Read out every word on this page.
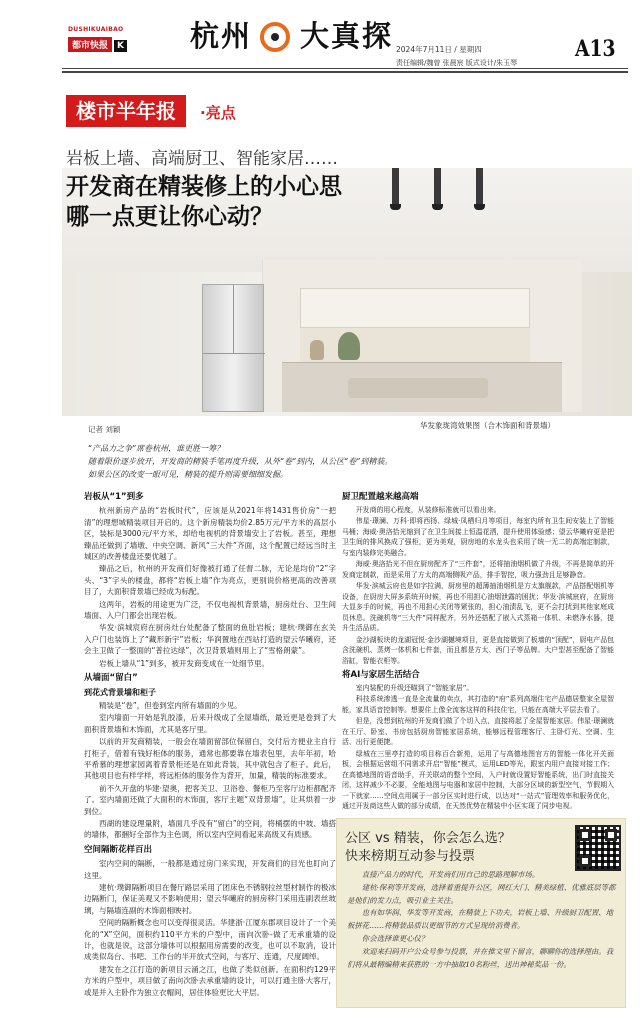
DUSHIKUAIBAO
都市快报 K	杭州 大真探 2024年7月11日 / 星期四
责任编辑/魏曾 张晨宸 版式设计/朱玉琴
A13
楼市半年报	·亮点
岩板上墙、高端厨卫、智能家居……
开发商在精装修上的小心思
哪一点更让你心动？
华发象珑湾效果图（合木饰面和背景墙）
记者 刘颖
“产品力之争”席卷杭州，谁更胜一筹？
随着限价逐步放开，开发商的精装手笔再度升级，从外“卷”到内，从公区“卷”到精装。
如果公区的改变一眼可见，精装的提升则需要细细发掘。
岩板从“1”到多

杭州新房产品的“岩板时代”，应该是从2021年将1431售价房“一把清”的理想城精装项目开启的。这个新房精装均价2.85万元/平方米的高层小区，装标是3000元/平方米，却给电视机的背景墙安上了岩板。甚至，理想臻品还做到了墙墩、中央空调、新风“三大件”齐面，这个配置已经远当时主城区的改善楼盘还要优越了。

臻品之后，杭州的开发商们好像被打通了任督二脉，无论是均价“2”字头、“3”字头的楼盘，都将“岩板上墙”作为亮点，更别说价格更高的改善项目了，大面积背景墙已经成为标配。

这两年，岩板的用途更为广泛，不仅电视机背景墙，厨房灶台、卫生间墙面、入户门都会出现岩板。

华发·滨城宸府在厨房灶台处配备了整面的鱼肚岩板；建杭·璞御在玄关入户门也装饰上了“藏形新宇”岩板；华润置地在西站打造的望云华曦府，还会主卫做了一整面的“普拉达绿”，次卫背景墙则用上了“雪格朗蒙”。

岩板上墙从“1”到多，被开发商变成在一处细节里。

从墙面“留白”
到花式背景墙和柜子

精装是“卷”，但卷到室内所有墙面的少见。

室内墙面一开始是乳胶漆，后来升级成了全屋墙纸，最近更是卷到了大面积背景墙和木饰面，尤其是客厅里。

以前的开发商精装，一般会在墙面留部位保留白，交付后方便业主自行打柜子，借着有钱好柜体的服务，通常也都要靠在墙表包里，去年年初，哈平希慕的理想家园离着背景柜还是在如此背装，其中就包含了柜子。此后，其他项目也有样学样，将远柜体的服务作为背开，加量，精装的标准要求。

前不久开盘的华建·望奥，把客关卫、卫浴卷、餐柜乃至客厅边柜都配齐了。室内墙面还做了大面积的木饰面，客厅主题“双背景墙”，让其烘着一步到位。

西湖的建设理量附，墙面几乎没有“留白”的空间，将桶摆的中坡、墙搭的墙体，都捆好全部作为主色调，所以室内空间看起来高级又有质感。

空间隔断花样百出

室内空间的隔断，一般都是通过房门来实现，开发商们的目光也盯向了这里。

建杭·璞御隔断项目在餐厅路层采用了团床色不锈钢拉丝型材制作的极冰边隔断门，保证美观又不影响使用；望云华曦府的厨房移门采用连副表丝玻璃，与隔墙连副的木饰面相映衬。

空间的隔断概念也可以变得很灵活。华建浙·江厦东郡项目设计了一个美化的“X”空间，面积约110平方米的户型中，南向次卧-做了无承重墙的设计，也就是说，这部分墙体可以根据用房需要的改变，也可以不取消，设计成类似岛台、书吧、工作台的半开放式空间，与客厅、连通，尺度阔绰。

建发在之江打造的新项目云涌之江，也做了类似创新。在面积约129平方米的户型中，项目做了南向次卧去承重墙的设计，可以打通主卧大客厅，或是并入主卧作为独立衣帽间，居住体验更比大平层。

厨卫配置越来越高端

开发商的用心程度，从装修标准就可以看出来。

伟星·璟澜、万科·即将西扬、绿城·凤栖归月等项目，每室内所有卫生间安装上了智能马桶；海威·奥洛拾光缩到了在卫生间接上恒温花洒，提升使用体验感；望云华曦府更是把卫生间的排风换成了强柜，更为美观，厨房地的水龙头也采用了统一无二的高端定制款，与室内装修完美融合。

海威·奥洛拾光不但在厨房配齐了“三件套”，还将抽油烟机做了升级，不再是简单的开发商定制款，而是采用了方太的高端侧吸产品，排手智控，吸力强劲且足够静音。

华发·滨城云府也是如字拉满，厨房里的超薄抽油烟机是方太旗舰款，产品搭配烟机等设备，在厨房大屏多系统开时候，再也不用担心油烟泄露的困扰；华发·滨城宸府，在厨房大显多手的时候，再也不用担心关闭等紧张的，担心油渍乱飞，更不会打扰到其他家庭成员休息。洗碗机等“三大件”同样配齐，另外还搭配了嵌入式蒸箱一体机、未燃净水器，提升生活品质。

金沙湖板块的龙湖冠悦·金沙湖樾境项目，更是直接做到了板墙的“顶配”，厨电产品包含洗碗机、蒸烤一体机和七件套，而且都是方太、西门子等品牌。大户型甚至配备了智能浴缸，智能衣柜等。

将AI与家居生活结合

室内装配的升级还瞄到了“智能家居”。

科技系统渗透一直是全流量的卖点，其打造的“府”系列高端住宅产品德居整家全屋智能，家具语音控制等。想要住上像全流客这样的科技住宅，只能在高端大平层去看了。

但是，没想到杭州的开发商们做了个切入点，直接将起了全屋智能家居。伟星·璟澜就在王厅、卧室、书房包括厨房智能家居系统，能够远程管理客厅、主卧灯光、空调、生活、出行更便捷。

绿城在三里亭打造的项目称百合新苑，运用了与高德地图官方的智能一体化开关面板，会根据运营组不同需求开启“智能”模式，运用LED等光，跟室内用户直接对接工作；在高德地图的语音助手，开关联动的整个空间，入户时就设置好智能系统，出门时直接关闭，这样减少不必要，全能地图与电器和家居中控制，大部分区域的新型空气，节假期入一下就家……空间点用属于一部分区实时进行成，以达对“一站式”管理效率和服务优化，通过开发商这些人做的部分成绩，在天然优势在精装中小区实现了同步电视。

公区 vs 精装，你会怎么选？
快来榜期互动参与投票

直接产品力的时代，开发商们用自己的思路理解市场。

建杭·保利等开发商，选择着重提升公区，网红大门、精美绿植、优雅底层等都是他们的发力点，吸引业主关注。

也有如华润、华发等开发商，在精装上下功夫，岩板上墙、升级厨卫配置、地板拼花……将精装品质以更细节的方式呈现给消费者。

你会选择谁更心仪？

欢迎来扫码开户公众号参与投票，并在推文里下留言，聊聊你的选择理由。我们将从最精编精来获胜的一方中抽取10名粉丝，送出神秘奖品一份。
